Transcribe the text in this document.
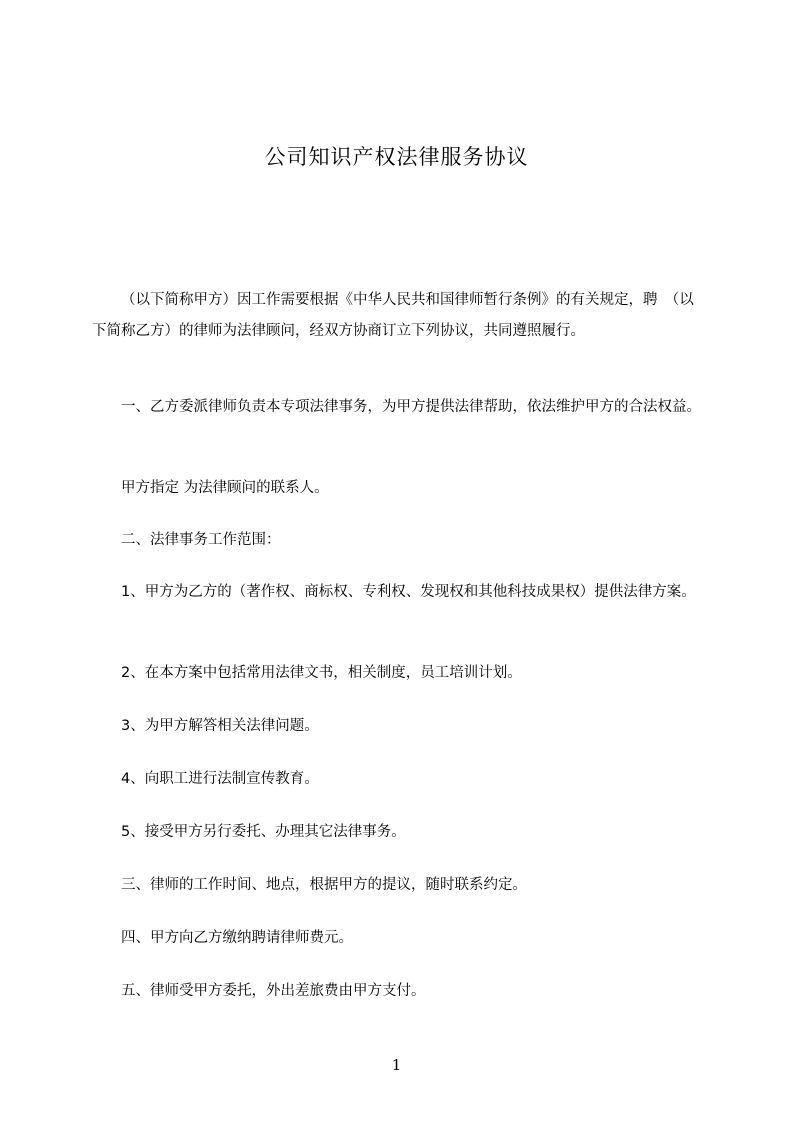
公司知识产权法律服务协议

（以下简称甲方）因工作需要根据《中华人民共和国律师暂行条例》的有关规定，聘　（以下简称乙方）的律师为法律顾问，经双方协商订立下列协议，共同遵照履行。

一、乙方委派律师负责本专项法律事务，为甲方提供法律帮助，依法维护甲方的合法权益。

甲方指定 为法律顾问的联系人。

二、法律事务工作范围：

1、甲方为乙方的（著作权、商标权、专利权、发现权和其他科技成果权）提供法律方案。

2、在本方案中包括常用法律文书，相关制度，员工培训计划。

3、为甲方解答相关法律问题。

4、向职工进行法制宣传教育。

5、接受甲方另行委托、办理其它法律事务。

三、律师的工作时间、地点，根据甲方的提议，随时联系约定。

四、甲方向乙方缴纳聘请律师费元。

五、律师受甲方委托，外出差旅费由甲方支付。

1
